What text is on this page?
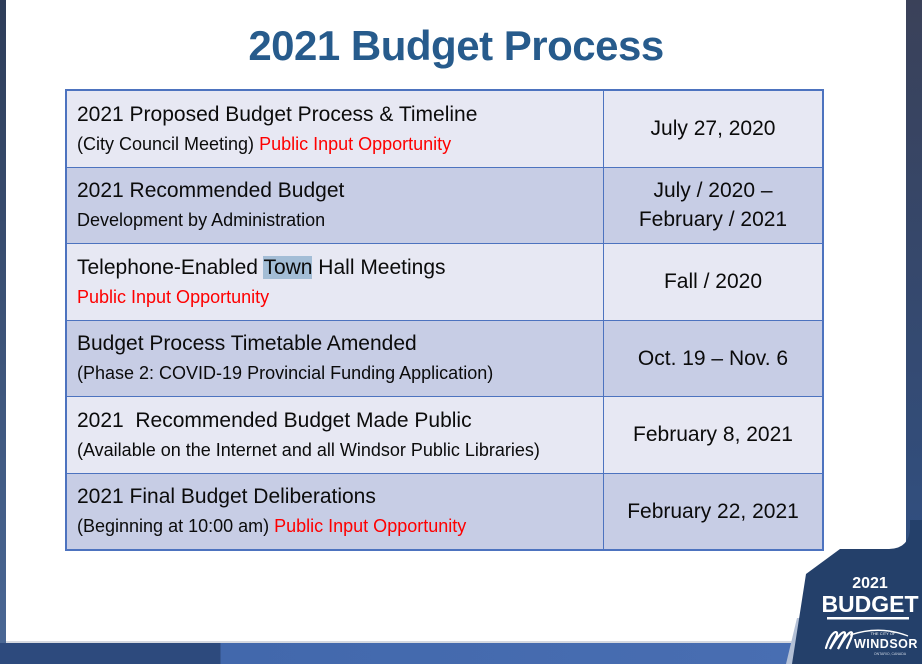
2021 Budget Process
2021 Proposed Budget Process & Timeline
(City Council Meeting) Public Input Opportunity
July 27, 2020
2021 Recommended Budget
Development by Administration
July / 2020 –
February / 2021
Telephone-Enabled Town Hall Meetings
Public Input Opportunity
Fall / 2020
Budget Process Timetable Amended
(Phase 2: COVID-19 Provincial Funding Application)
Oct. 19 – Nov. 6
2021  Recommended Budget Made Public
(Available on the Internet and all Windsor Public Libraries)
February 8, 2021
2021 Final Budget Deliberations
(Beginning at 10:00 am) Public Input Opportunity
February 22, 2021
2021
BUDGET
THE CITY OF
WINDSOR
ONTARIO, CANADA
